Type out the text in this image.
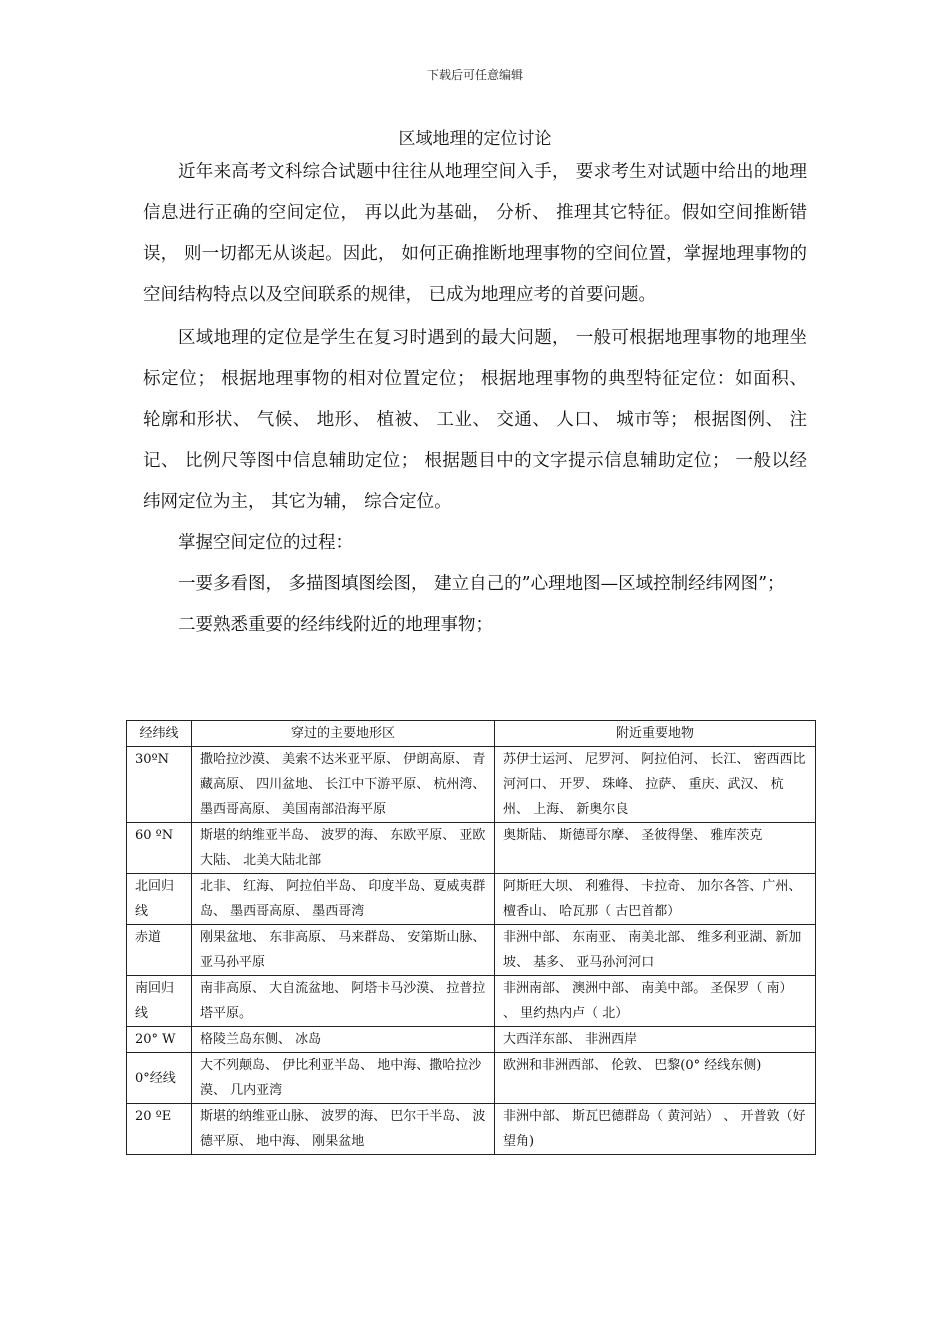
下载后可任意编辑
区域地理的定位讨论

近年来高考文科综合试题中往往从地理空间入手， 要求考生对试题中给出的地理信息进行正确的空间定位， 再以此为基础， 分析、 推理其它特征。假如空间推断错误， 则一切都无从谈起。因此， 如何正确推断地理事物的空间位置，掌握地理事物的空间结构特点以及空间联系的规律， 已成为地理应考的首要问题。

区域地理的定位是学生在复习时遇到的最大问题， 一般可根据地理事物的地理坐标定位； 根据地理事物的相对位置定位； 根据地理事物的典型特征定位：如面积、 轮廓和形状、 气候、 地形、 植被、 工业、 交通、 人口、 城市等； 根据图例、 注记、 比例尺等图中信息辅助定位； 根据题目中的文字提示信息辅助定位； 一般以经纬网定位为主， 其它为辅， 综合定位。

掌握空间定位的过程：

一要多看图， 多描图填图绘图， 建立自己的”心理地图—区域控制经纬网图”；

二要熟悉重要的经纬线附近的地理事物；

经纬线	穿过的主要地形区	附近重要地物
30ºN	撒哈拉沙漠、 美索不达米亚平原、 伊朗高原、 青藏高原、 四川盆地、 长江中下游平原、 杭州湾、 墨西哥高原、 美国南部沿海平原	苏伊士运河、 尼罗河、 阿拉伯河、 长江、 密西西比河河口、 开罗、 珠峰、 拉萨、 重庆、武汉、 杭州、 上海、 新奥尔良
60 ºN	斯堪的纳维亚半岛、 波罗的海、 东欧平原、 亚欧大陆、 北美大陆北部	奥斯陆、 斯德哥尔摩、 圣彼得堡、 雅库茨克
北回归线	北非、 红海、 阿拉伯半岛、 印度半岛、夏威夷群岛、 墨西哥高原、 墨西哥湾	阿斯旺大坝、 利雅得、 卡拉奇、 加尔各答、广州、 檀香山、 哈瓦那（ 古巴首都）
赤道	刚果盆地、 东非高原、 马来群岛、 安第斯山脉、 亚马孙平原	非洲中部、 东南亚、 南美北部、 维多利亚湖、新加坡、 基多、 亚马孙河河口
南回归线	南非高原、 大自流盆地、 阿塔卡马沙漠、 拉普拉塔平原。	非洲南部、 澳洲中部、 南美中部。 圣保罗（ 南） 、 里约热内卢（ 北）
20° W	格陵兰岛东侧、 冰岛	大西洋东部、 非洲西岸
0°经线	大不列颠岛、 伊比利亚半岛、 地中海、撒哈拉沙漠、 几内亚湾	欧洲和非洲西部、 伦敦、 巴黎(0° 经线东侧)
20 ºE	斯堪的纳维亚山脉、 波罗的海、 巴尔干半岛、 波德平原、 地中海、 刚果盆地	非洲中部、 斯瓦巴德群岛（ 黄河站） 、 开普敦（好望角)
